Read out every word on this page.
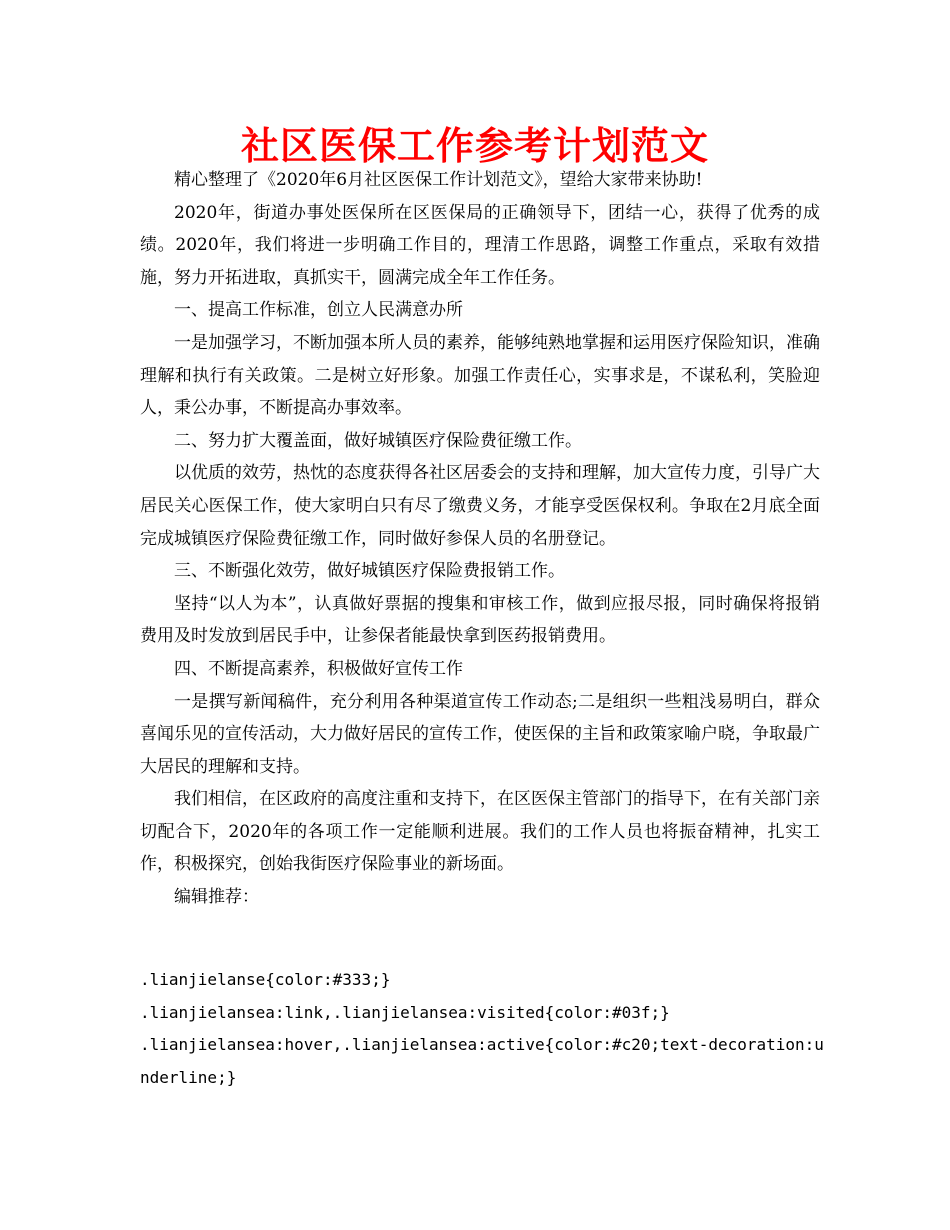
社区医保工作参考计划范文

精心整理了《2020年6月社区医保工作计划范文》，望给大家带来协助!

2020年，街道办事处医保所在区医保局的正确领导下，团结一心，获得了优秀的成绩。2020年，我们将进一步明确工作目的，理清工作思路，调整工作重点，采取有效措施，努力开拓进取，真抓实干，圆满完成全年工作任务。

一、提高工作标准，创立人民满意办所

一是加强学习，不断加强本所人员的素养，能够纯熟地掌握和运用医疗保险知识，准确理解和执行有关政策。二是树立好形象。加强工作责任心，实事求是，不谋私利，笑脸迎人，秉公办事，不断提高办事效率。

二、努力扩大覆盖面，做好城镇医疗保险费征缴工作。

以优质的效劳，热忱的态度获得各社区居委会的支持和理解，加大宣传力度，引导广大居民关心医保工作，使大家明白只有尽了缴费义务，才能享受医保权利。争取在2月底全面完成城镇医疗保险费征缴工作，同时做好参保人员的名册登记。

三、不断强化效劳，做好城镇医疗保险费报销工作。

坚持“以人为本”，认真做好票据的搜集和审核工作，做到应报尽报，同时确保将报销费用及时发放到居民手中，让参保者能最快拿到医药报销费用。

四、不断提高素养，积极做好宣传工作

一是撰写新闻稿件，充分利用各种渠道宣传工作动态;二是组织一些粗浅易明白，群众喜闻乐见的宣传活动，大力做好居民的宣传工作，使医保的主旨和政策家喻户晓，争取最广大居民的理解和支持。

我们相信，在区政府的高度注重和支持下，在区医保主管部门的指导下，在有关部门亲切配合下，2020年的各项工作一定能顺利进展。我们的工作人员也将振奋精神，扎实工作，积极探究，创始我街医疗保险事业的新场面。

编辑推荐：

.lianjielanse{color:#333;}

.lianjielansea:link,.lianjielansea:visited{color:#03f;}

.lianjielansea:hover,.lianjielansea:active{color:#c20;text-decoration:underline;}
